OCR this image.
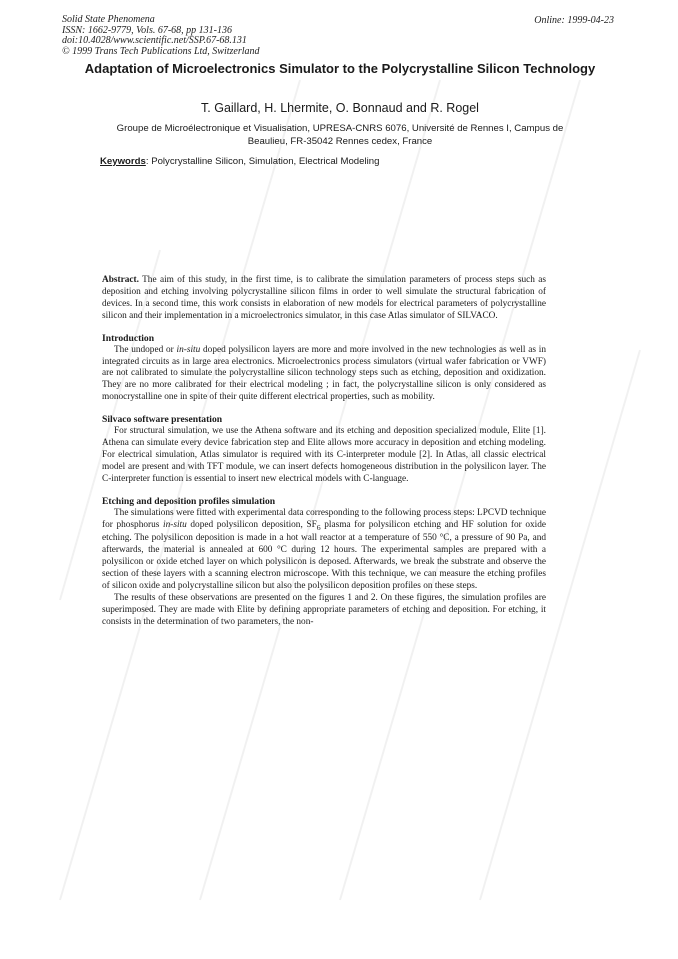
Solid State Phenomena
ISSN: 1662-9779, Vols. 67-68, pp 131-136
doi:10.4028/www.scientific.net/SSP.67-68.131
© 1999 Trans Tech Publications Ltd, Switzerland
Online: 1999-04-23
Adaptation of Microelectronics Simulator to the Polycrystalline Silicon Technology

T. Gaillard, H. Lhermite, O. Bonnaud and R. Rogel

Groupe de Microélectronique et Visualisation, UPRESA-CNRS 6076, Université de Rennes I, Campus de Beaulieu, FR-35042 Rennes cedex, France

Keywords: Polycrystalline Silicon, Simulation, Electrical Modeling

Abstract. The aim of this study, in the first time, is to calibrate the simulation parameters of process steps such as deposition and etching involving polycrystalline silicon films in order to well simulate the structural fabrication of devices. In a second time, this work consists in elaboration of new models for electrical parameters of polycrystalline silicon and their implementation in a microelectronics simulator, in this case Atlas simulator of SILVACO.

Introduction

The undoped or in-situ doped polysilicon layers are more and more involved in the new technologies as well as in integrated circuits as in large area electronics. Microelectronics process simulators (virtual wafer fabrication or VWF) are not calibrated to simulate the polycrystalline silicon technology steps such as etching, deposition and oxidization. They are no more calibrated for their electrical modeling ; in fact, the polycrystalline silicon is only considered as monocrystalline one in spite of their quite different electrical properties, such as mobility.

Silvaco software presentation

For structural simulation, we use the Athena software and its etching and deposition specialized module, Elite [1]. Athena can simulate every device fabrication step and Elite allows more accuracy in deposition and etching modeling. For electrical simulation, Atlas simulator is required with its C-interpreter module [2]. In Atlas, all classic electrical model are present and with TFT module, we can insert defects homogeneous distribution in the polysilicon layer. The C-interpreter function is essential to insert new electrical models with C-language.

Etching and deposition profiles simulation

The simulations were fitted with experimental data corresponding to the following process steps: LPCVD technique for phosphorus in-situ doped polysilicon deposition, $SF_6$ plasma for polysilicon etching and HF solution for oxide etching. The polysilicon deposition is made in a hot wall reactor at a temperature of 550 °C, a pressure of 90 Pa, and afterwards, the material is annealed at 600 °C during 12 hours. The experimental samples are prepared with a polysilicon or oxide etched layer on which polysilicon is deposed. Afterwards, we break the substrate and observe the section of these layers with a scanning electron microscope. With this technique, we can measure the etching profiles of silicon oxide and polycrystalline silicon but also the polysilicon deposition profiles on these steps.

The results of these observations are presented on the figures 1 and 2. On these figures, the simulation profiles are superimposed. They are made with Elite by defining appropriate parameters of etching and deposition. For etching, it consists in the determination of two parameters, the non-
